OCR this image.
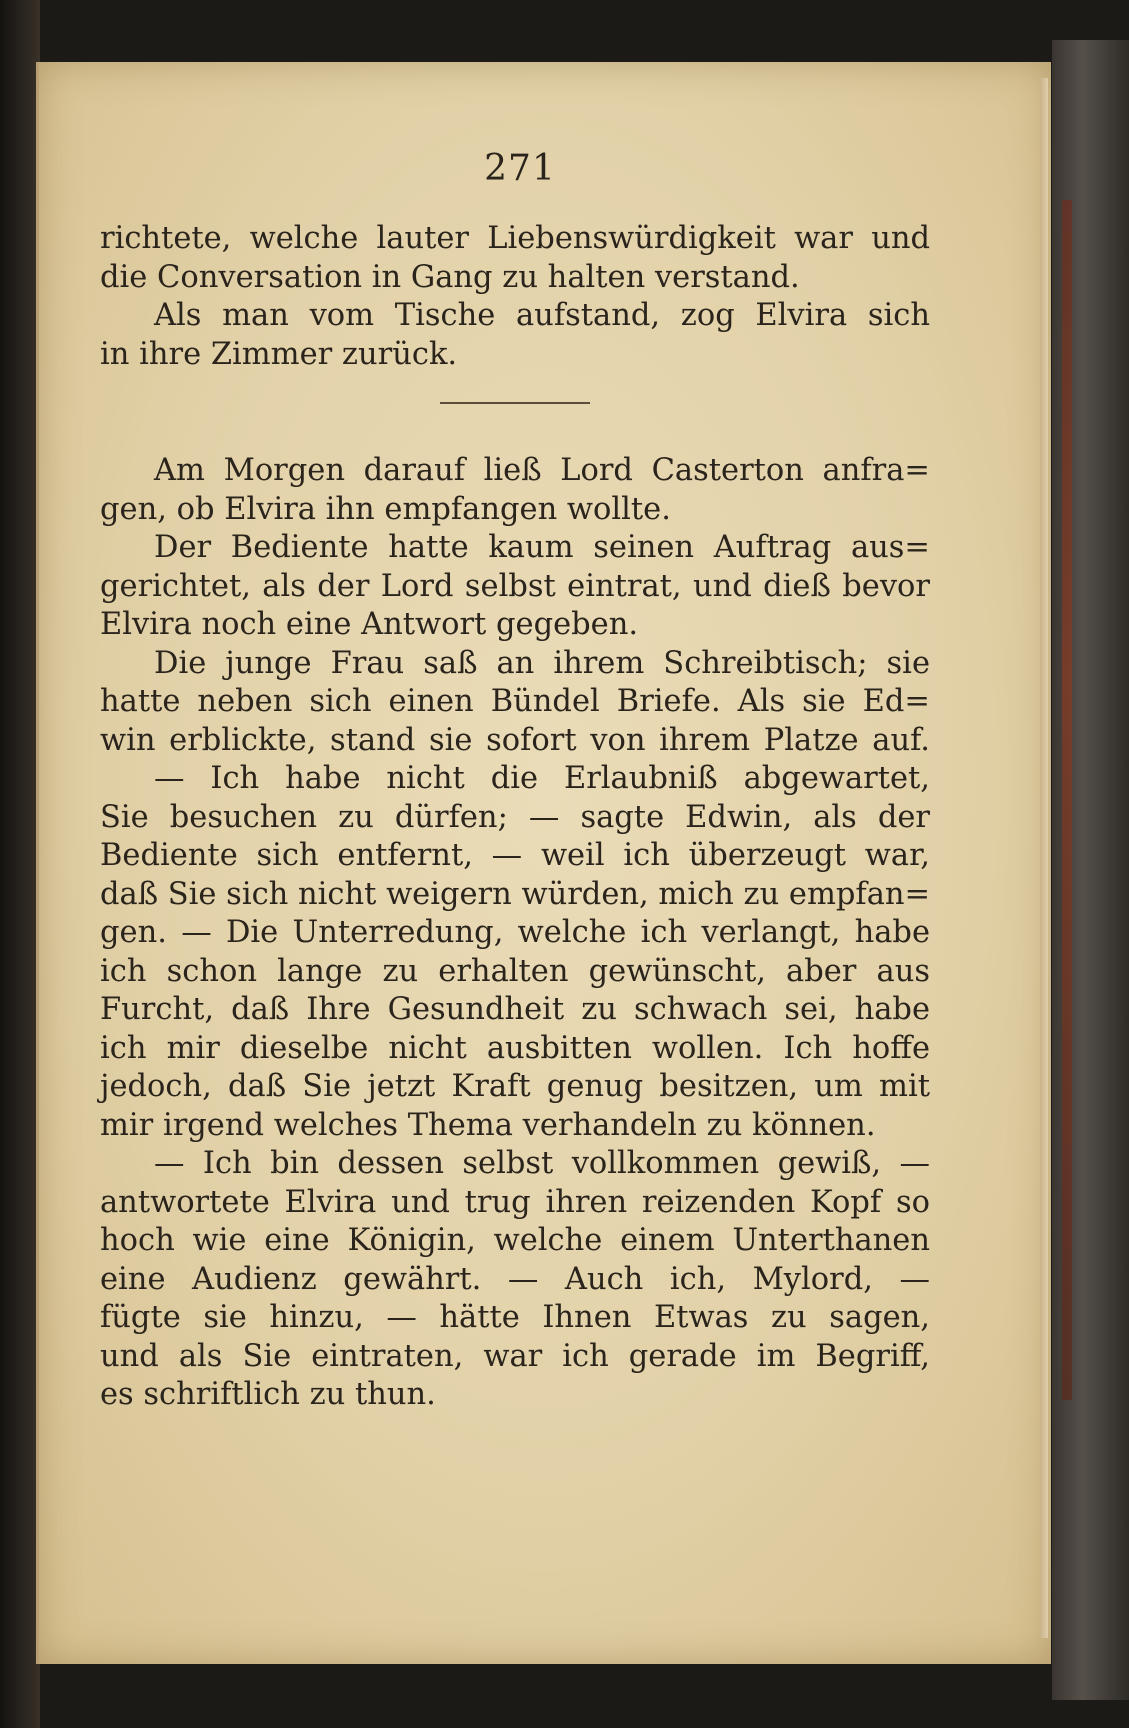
271
richtete, welche lauter Liebenswürdigkeit war und
die Conversation in Gang zu halten verstand.
Als man vom Tische aufstand, zog Elvira sich
in ihre Zimmer zurück.
Am Morgen darauf ließ Lord Casterton anfra=
gen, ob Elvira ihn empfangen wollte.
Der Bediente hatte kaum seinen Auftrag aus=
gerichtet, als der Lord selbst eintrat, und dieß bevor
Elvira noch eine Antwort gegeben.
Die junge Frau saß an ihrem Schreibtisch; sie
hatte neben sich einen Bündel Briefe. Als sie Ed=
win erblickte, stand sie sofort von ihrem Platze auf.
— Ich habe nicht die Erlaubniß abgewartet,
Sie besuchen zu dürfen; — sagte Edwin, als der
Bediente sich entfernt, — weil ich überzeugt war,
daß Sie sich nicht weigern würden, mich zu empfan=
gen. — Die Unterredung, welche ich verlangt, habe
ich schon lange zu erhalten gewünscht, aber aus
Furcht, daß Ihre Gesundheit zu schwach sei, habe
ich mir dieselbe nicht ausbitten wollen. Ich hoffe
jedoch, daß Sie jetzt Kraft genug besitzen, um mit
mir irgend welches Thema verhandeln zu können.
— Ich bin dessen selbst vollkommen gewiß, —
antwortete Elvira und trug ihren reizenden Kopf so
hoch wie eine Königin, welche einem Unterthanen
eine Audienz gewährt. — Auch ich, Mylord, —
fügte sie hinzu, — hätte Ihnen Etwas zu sagen,
und als Sie eintraten, war ich gerade im Begriff,
es schriftlich zu thun.
